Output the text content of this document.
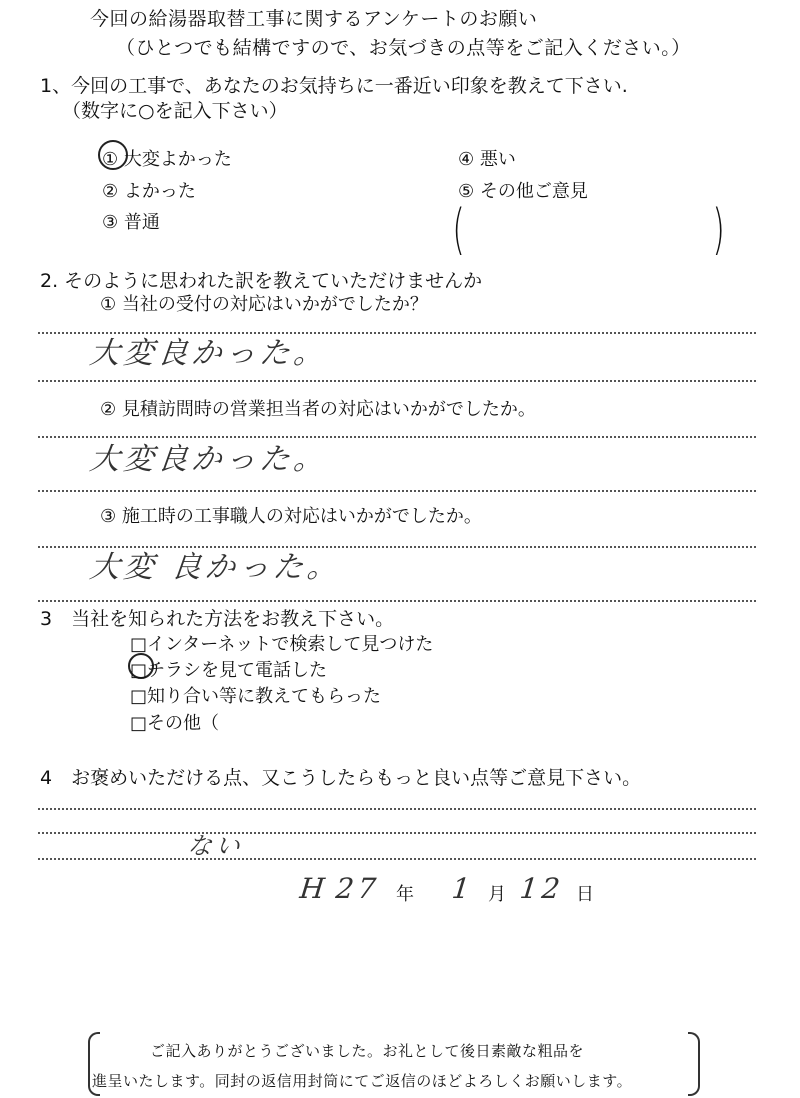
今回の給湯器取替工事に関するアンケートのお願い
（ひとつでも結構ですので、お気づきの点等をご記入ください。）
1、今回の工事で、あなたのお気持ちに一番近い印象を教えて下さい.
（数字に○を記入下さい）
① 大変よかった
② よかった
③ 普通
④ 悪い
⑤ その他ご意見
(	)
2. そのように思われた訳を教えていただけませんか
① 当社の受付の対応はいかがでしたか？
大変良かった。
② 見積訪問時の営業担当者の対応はいかがでしたか。
大変良かった。
③ 施工時の工事職人の対応はいかがでしたか。
大変 良かった。
3　当社を知られた方法をお教え下さい。
□インターネットで検索して見つけた
□チラシを見て電話した
□知り合い等に教えてもらった
□その他（
4　お褒めいただける点、又こうしたらもっと良い点等ご意見下さい。
ない
H 27 年 1 月 12 日
ご記入ありがとうございました。お礼として後日素敵な粗品を
進呈いたします。同封の返信用封筒にてご返信のほどよろしくお願いします。
